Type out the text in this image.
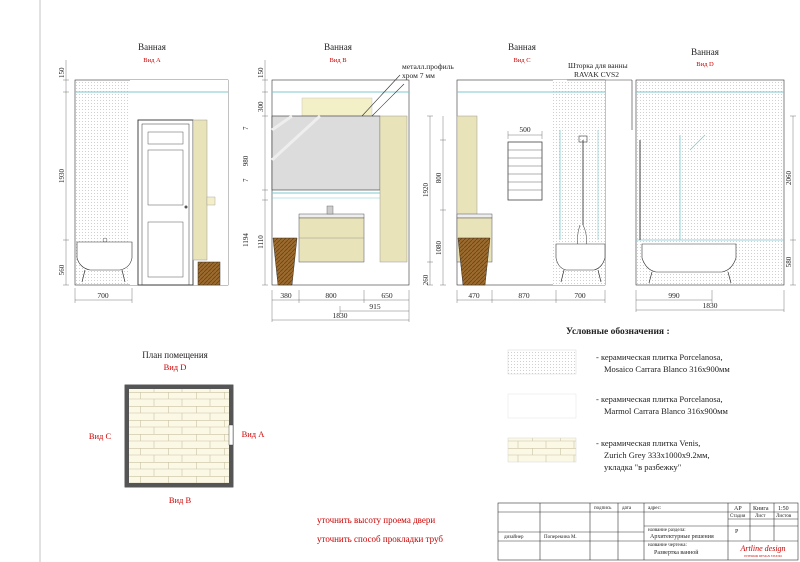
Ванная
Вид А
150
1930
560
700
Ванная
Вид В
металл.профиль
хром 7 мм
150
300
7
980
7
1194 1110
1920
260
380	800	650
915
1830
Ванная
Вид С
500
Шторка для ванны
RAVAK CVS2
800
1080
470	870	700
Ванная
Вид D
2060
580
990
1830
Условные обозначения :
- керамическая плитка Porcelanosa,
Mosaico Carrara Blanco 316x900мм
- керамическая плитка Porcelanosa,
Marmol Carrara Blanco 316x900мм
- керамическая плитка Venis,
Zurich Grey 333x1000x9.2мм,
укладка "в разбежку"
План помещения
Вид D
Вид С	Вид А
Вид В
уточнить высоту проема двери
уточнить способ прокладки труб
подпись дата	адрес:	АР Книга 1:50
Стадия Лист Листов
название раздела:
Архитектурные решения
Р
название чертежа:
Развертка ванной
дизайнер	Поперекина М.
Artline design
INTERIOR DESIGN STUDIO
